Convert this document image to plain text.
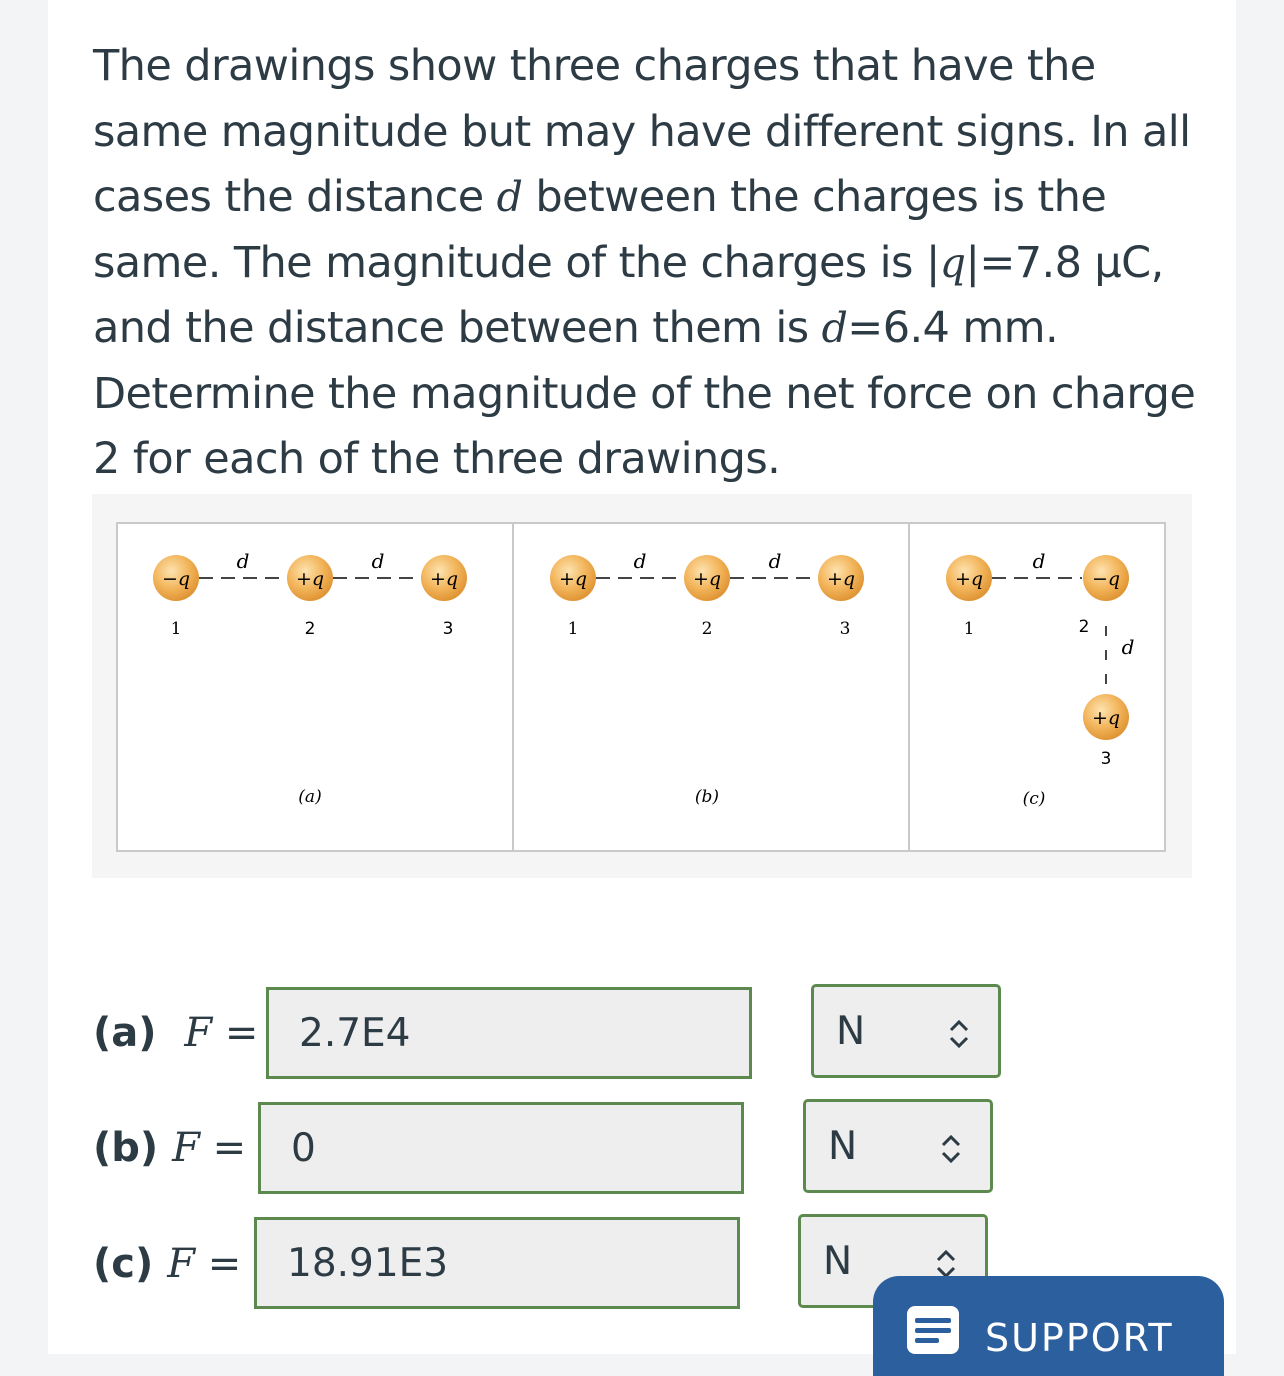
The drawings show three charges that have the same magnitude but may have different signs. In all cases the distance d between the charges is the same. The magnitude of the charges is |q|=7.8 μC, and the distance between them is d=6.4 mm. Determine the magnitude of the net force on charge 2 for each of the three drawings.
−q	+q	+q
d	d
1	2	3
(a)
+q	+q	+q
d	d
1	2	3
(b)
+q	−q
+q
d
d
1	2
3
(c)
(a) F =	2.7E4	N
(b) F =	0	N
(c) F =	18.91E3	N
SUPPORT
